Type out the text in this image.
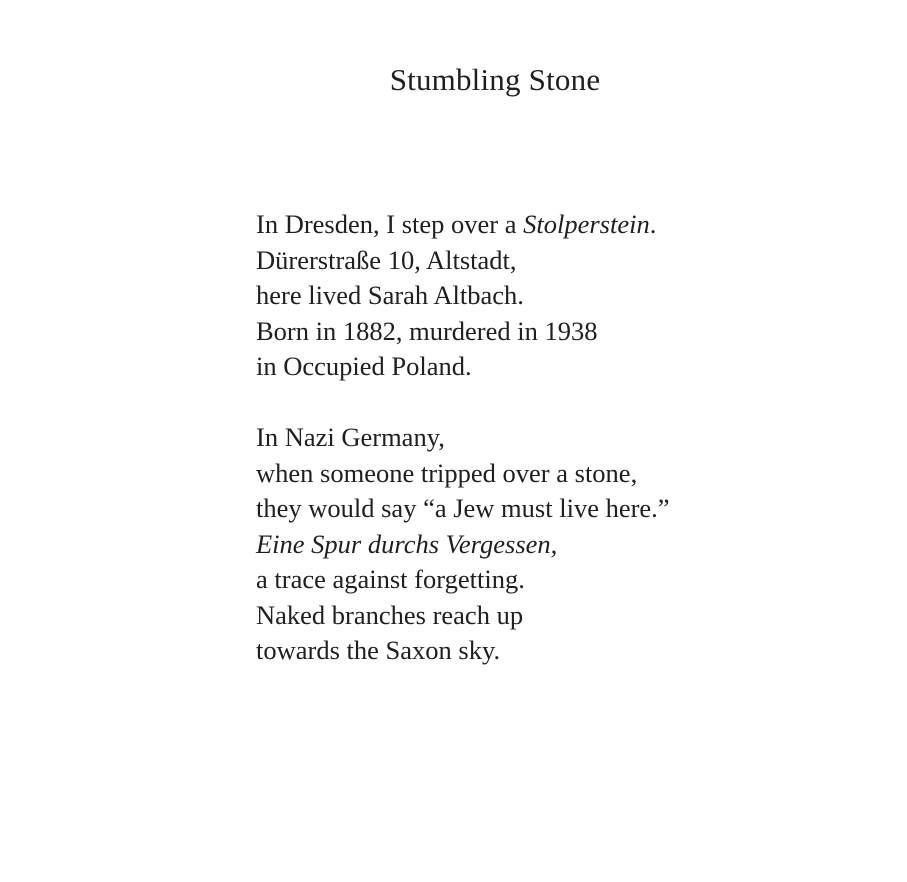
Stumbling Stone

In Dresden, I step over a Stolperstein.
Dürerstraße 10, Altstadt,
here lived Sarah Altbach.
Born in 1882, murdered in 1938
in Occupied Poland.

In Nazi Germany,
when someone tripped over a stone,
they would say “a Jew must live here.”
Eine Spur durchs Vergessen,
a trace against forgetting.
Naked branches reach up
towards the Saxon sky.
